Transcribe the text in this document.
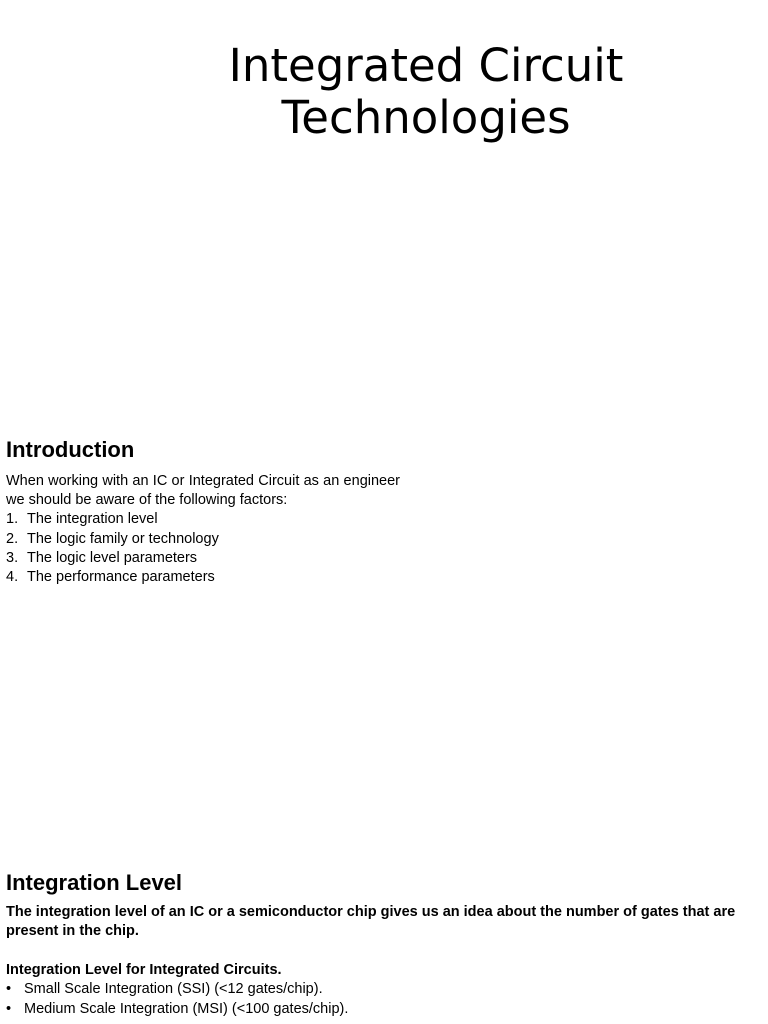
Integrated Circuit
Technologies
Introduction

When working with an IC or Integrated Circuit as an engineer we should be aware of the following factors:

1. The integration level
2. The logic family or technology
3. The logic level parameters
4. The performance parameters
Integration Level

The integration level of an IC or a semiconductor chip gives us an idea about the number of gates that are present in the chip.

Integration Level for Integrated Circuits.

• Small Scale Integration (SSI) (<12 gates/chip).
• Medium Scale Integration (MSI) (<100 gates/chip).
